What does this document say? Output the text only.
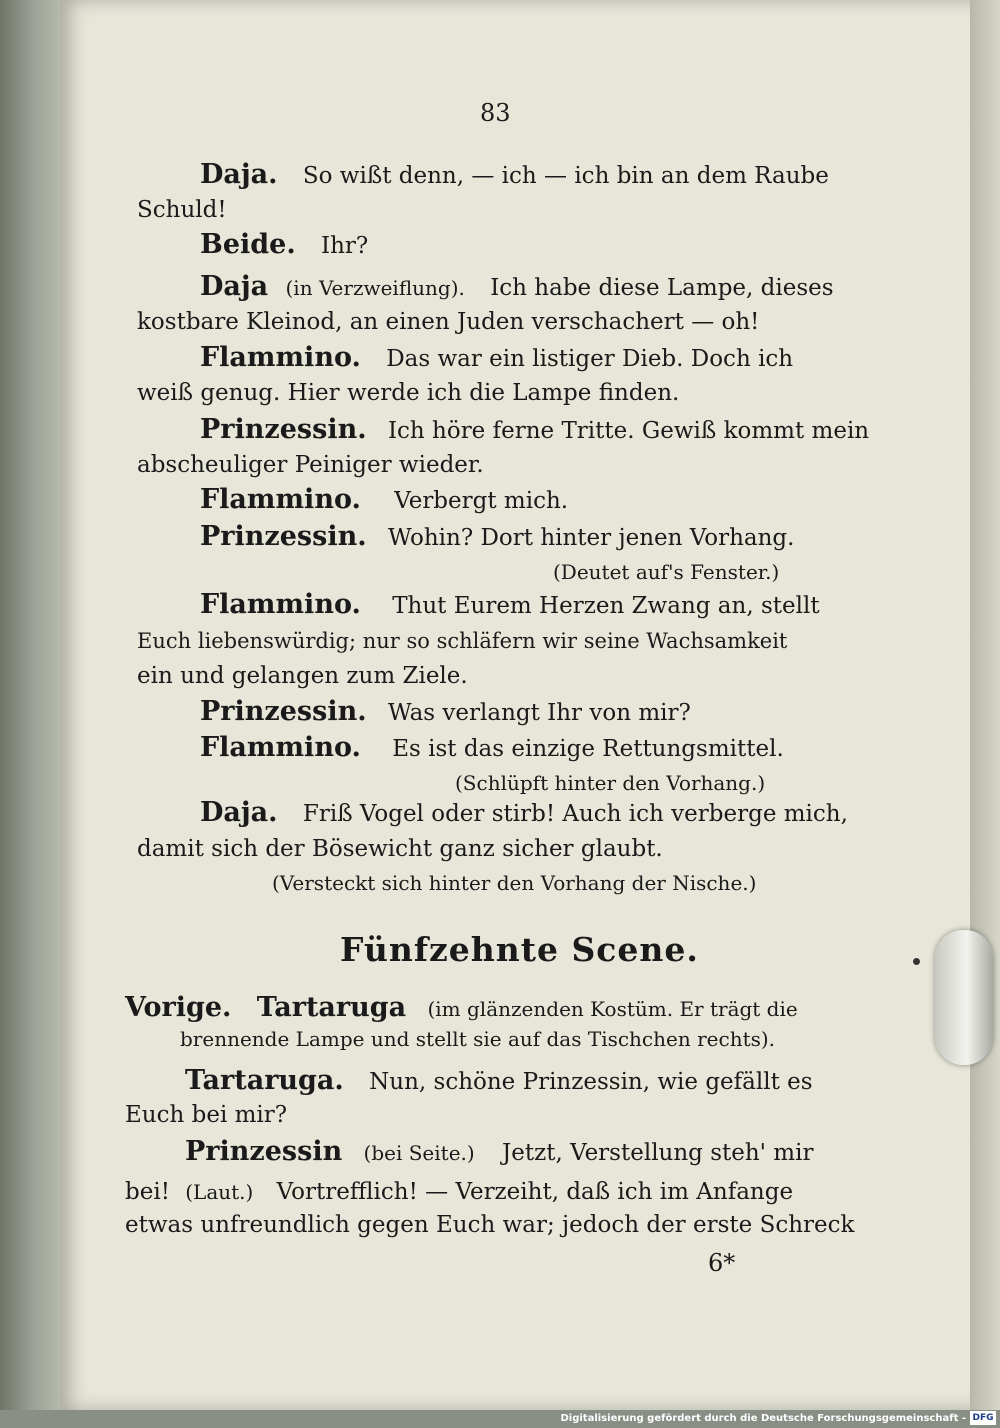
83
Daja. So wißt denn, — ich — ich bin an dem Raube
Schuld!
Beide. Ihr?
Daja (in Verzweiflung). Ich habe diese Lampe, dieses
kostbare Kleinod, an einen Juden verschachert — oh!
Flammino. Das war ein listiger Dieb. Doch ich
weiß genug. Hier werde ich die Lampe finden.
Prinzessin. Ich höre ferne Tritte. Gewiß kommt mein
abscheuliger Peiniger wieder.
Flammino. Verbergt mich.
Prinzessin. Wohin? Dort hinter jenen Vorhang.
(Deutet auf's Fenster.)
Flammino. Thut Eurem Herzen Zwang an, stellt
Euch liebenswürdig; nur so schläfern wir seine Wachsamkeit
ein und gelangen zum Ziele.
Prinzessin. Was verlangt Ihr von mir?
Flammino. Es ist das einzige Rettungsmittel.
(Schlüpft hinter den Vorhang.)
Daja. Friß Vogel oder stirb! Auch ich verberge mich,
damit sich der Bösewicht ganz sicher glaubt.
(Versteckt sich hinter den Vorhang der Nische.)
Fünfzehnte Scene.
Vorige. Tartaruga (im glänzenden Kostüm. Er trägt die
brennende Lampe und stellt sie auf das Tischchen rechts).
Tartaruga. Nun, schöne Prinzessin, wie gefällt es
Euch bei mir?
Prinzessin (bei Seite.) Jetzt, Verstellung steh' mir
bei! (Laut.) Vortrefflich! — Verzeiht, daß ich im Anfange
etwas unfreundlich gegen Euch war; jedoch der erste Schreck
6*
Digitalisierung gefördert durch die Deutsche Forschungsgemeinschaft - DFG
